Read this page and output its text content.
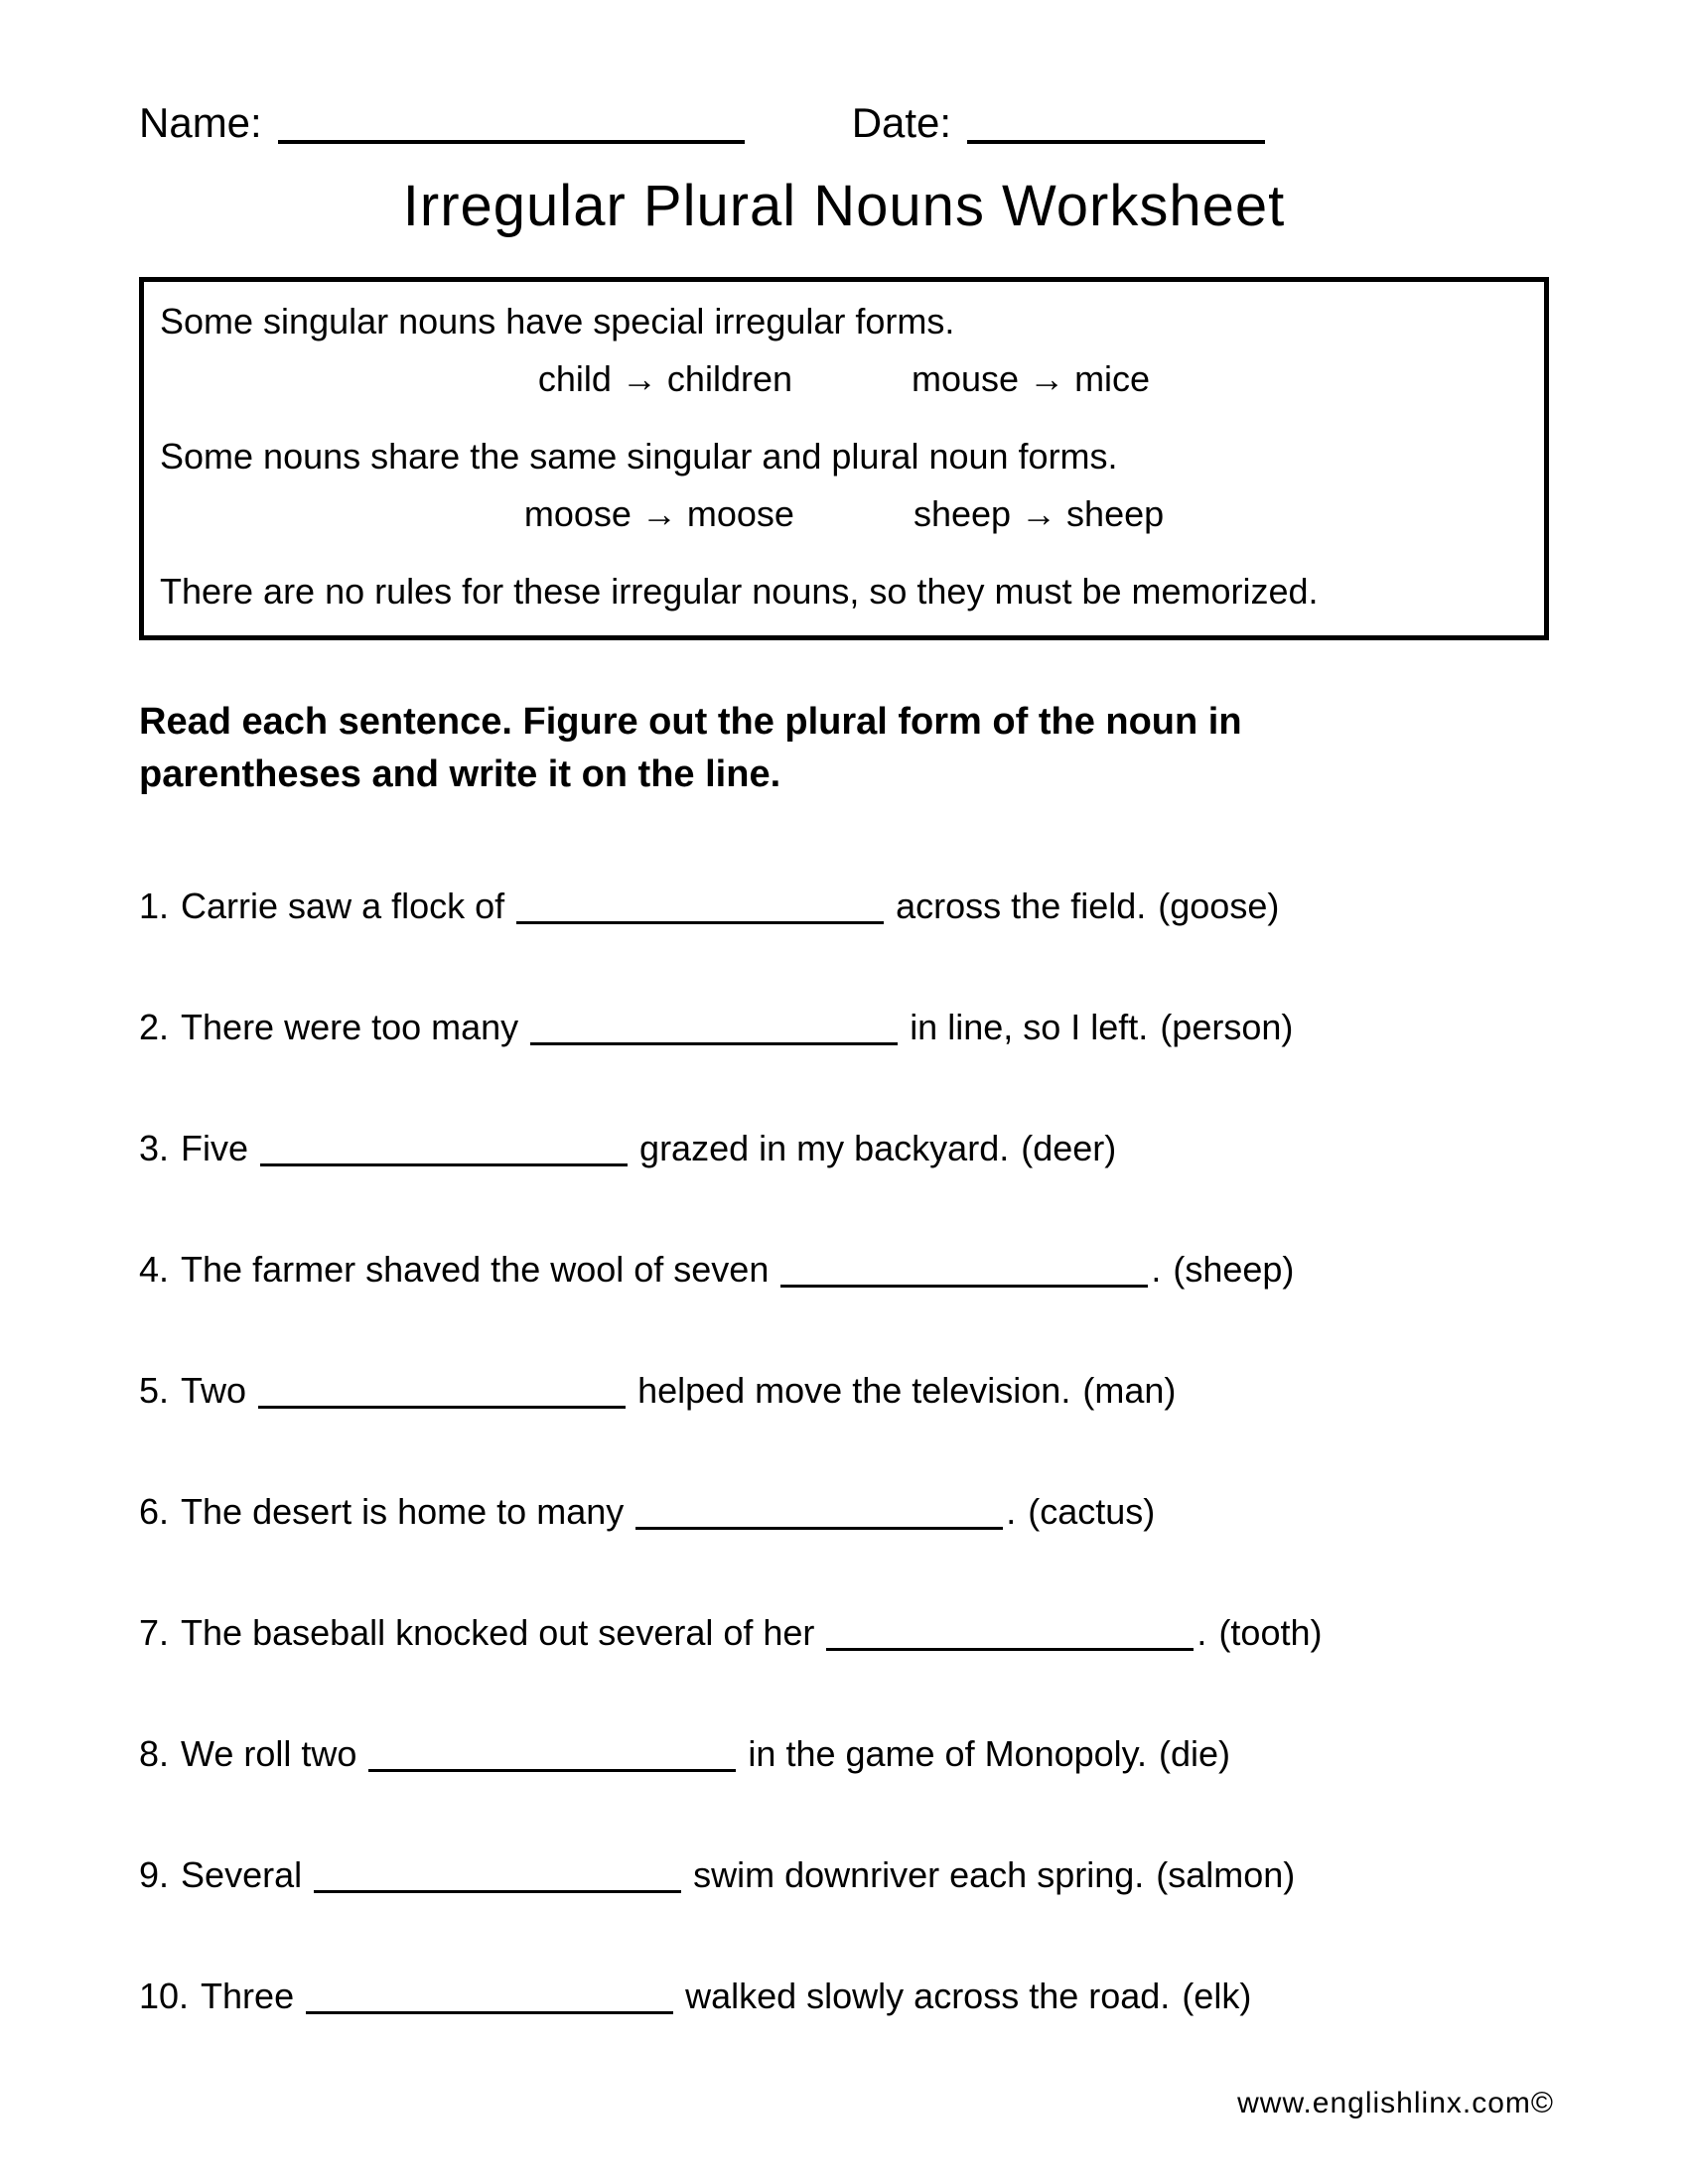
Name:	Date:
Irregular Plural Nouns Worksheet
Some singular nouns have special irregular forms.
child → children	mouse → mice
Some nouns share the same singular and plural noun forms.
moose → moose	sheep → sheep
There are no rules for these irregular nouns, so they must be memorized.
Read each sentence. Figure out the plural form of the noun in
parentheses and write it on the line.
1. Carrie saw a flock of	across the field. (goose)
2. There were too many	in line, so I left. (person)
3. Five	grazed in my backyard. (deer)
4. The farmer shaved the wool of seven	. (sheep)
5. Two	helped move the television. (man)
6. The desert is home to many	. (cactus)
7. The baseball knocked out several of her	. (tooth)
8. We roll two	in the game of Monopoly. (die)
9. Several	swim downriver each spring. (salmon)
10. Three	walked slowly across the road. (elk)
www.englishlinx.com©
